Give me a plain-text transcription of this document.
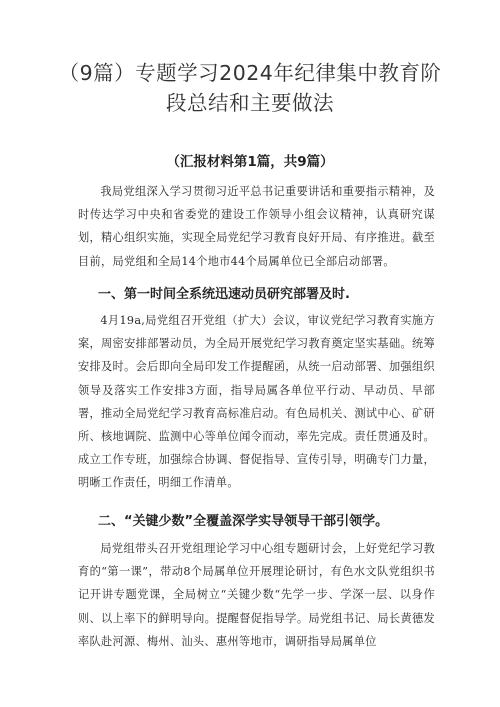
（9篇）专题学习2024年纪律集中教育阶
段总结和主要做法
（汇报材料第1篇，共9篇）
我局党组深入学习贯彻习近平总书记重要讲话和重要指示精神，及时传达学习中央和省委党的建设工作领导小组会议精神，认真研究谋划，精心组织实施，实现全局党纪学习教育良好开局、有序推进。截至目前，局党组和全局14个地市44个局属单位已全部启动部署。
一、第一时间全系统迅速动员研究部署及时.
4月19a,局党组召开党组（扩大）会议，审议党纪学习教育实施方案，周密安排部署动员，为全局开展党纪学习教育奠定坚实基础。统筹安排及时。会后即向全局印发工作提醒函，从统一启动部署、加强组织领导及落实工作安排3方面，指导局属各单位平行动、早动员、早部署，推动全局党纪学习教育高标准启动。有色局机关、测试中心、矿研所、核地调院、监测中心等单位闻令而动，率先完成。责任贯通及时。成立工作专班，加强综合协调、督促指导、宣传引导，明确专门力量，明晰工作责任，明细工作清单。
二、“关键少数”全覆盖深学实导领导干部引领学。
局党组带头召开党组理论学习中心组专题研讨会，上好党纪学习教育的“第一课”，带动8个局属单位开展理论研讨，有色水文队党组织书记开讲专题党课，全局树立“关键少数“先学一步、学深一层、以身作则、以上率下的鲜明导向。提醒督促指导学。局党组书记、局长黄德发率队赴河源、梅州、汕头、惠州等地市，调研指导局属单位
